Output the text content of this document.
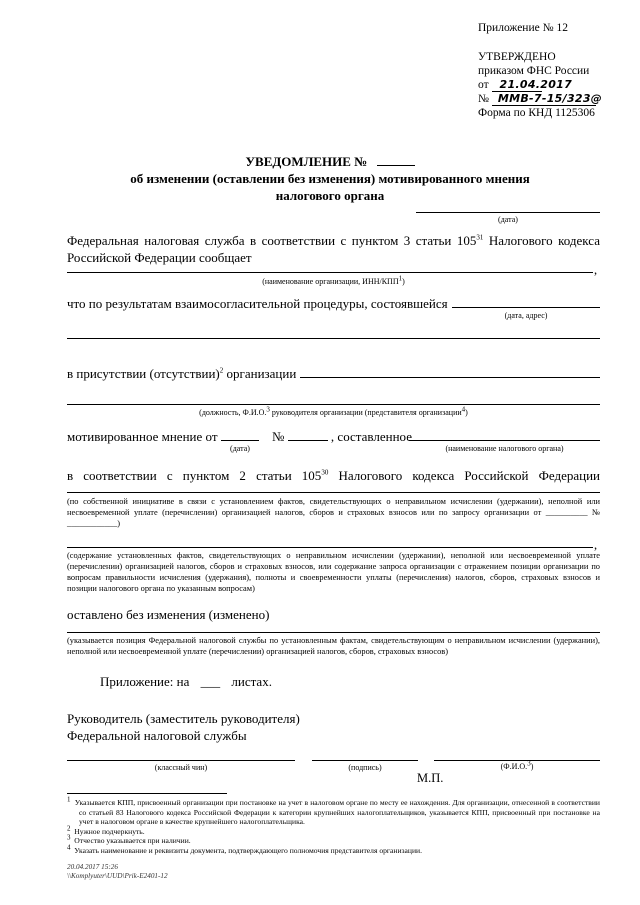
Приложение № 12
УТВЕРЖДЕНО
приказом ФНС России
от 21.04.2017
№ ММВ-7-15/323@
Форма по КНД 1125306
УВЕДОМЛЕНИЕ №
об изменении (оставлении без изменения) мотивированного мнения
налогового органа
(дата)
Федеральная налоговая служба в соответствии с пунктом 3 статьи $105^{31}$ Налогового кодекса Российской Федерации сообщает
,
(наименование организации, ИНН/КПП$^1$)
что по результатам взаимосогласительной процедуры, состоявшейся
(дата, адрес)
в присутствии (отсутствии)$^2$ организации
(должность, Ф.И.О.$^3$ руководителя организации (представителя организации$^4$)
мотивированное мнение от	№	, составленное
(дата)	(наименование налогового органа)
в соответствии с пунктом 2 статьи $105^{30}$ Налогового кодекса Российской Федерации
(по собственной инициативе в связи с установлением фактов, свидетельствующих о неправильном исчислении (удержании), неполной или несвоевременной уплате (перечислении) организацией налогов, сборов и страховых взносов или по запросу организации от __________ № ____________)
,
(содержание установленных фактов, свидетельствующих о неправильном исчислении (удержании), неполной или несвоевременной уплате (перечислении) организацией налогов, сборов и страховых взносов, или содержание запроса организации с отражением позиции организации по вопросам правильности исчисления (удержания), полноты и своевременности уплаты (перечисления) налогов, сборов, страховых взносов и позиции налогового органа по указанным вопросам)
оставлено без изменения (изменено)
(указывается позиция Федеральной налоговой службы по установленным фактам, свидетельствующим о неправильном исчислении (удержании), неполной или несвоевременной уплате (перечислении) организацией налогов, сборов, страховых взносов)
Приложение: на ___ листах.
Руководитель (заместитель руководителя)
Федеральной налоговой службы
(классный чин)	(подпись)	(Ф.И.О.$^3$)
М.П.
$^1$ Указывается КПП, присвоенный организации при постановке на учет в налоговом органе по месту ее нахождения. Для организации, отнесенной в соответствии со статьей 83 Налогового кодекса Российской Федерации к категории крупнейших налогоплательщиков, указывается КПП, присвоенный при постановке на учет в налоговом органе в качестве крупнейшего налогоплательщика.
$^2$ Нужное подчеркнуть.
$^3$ Отчество указывается при наличии.
$^4$ Указать наименование и реквизиты документа, подтверждающего полномочия представителя организации.
20.04.2017 15:26
\\Komplyuter\UUD\Prik-E2401-12
